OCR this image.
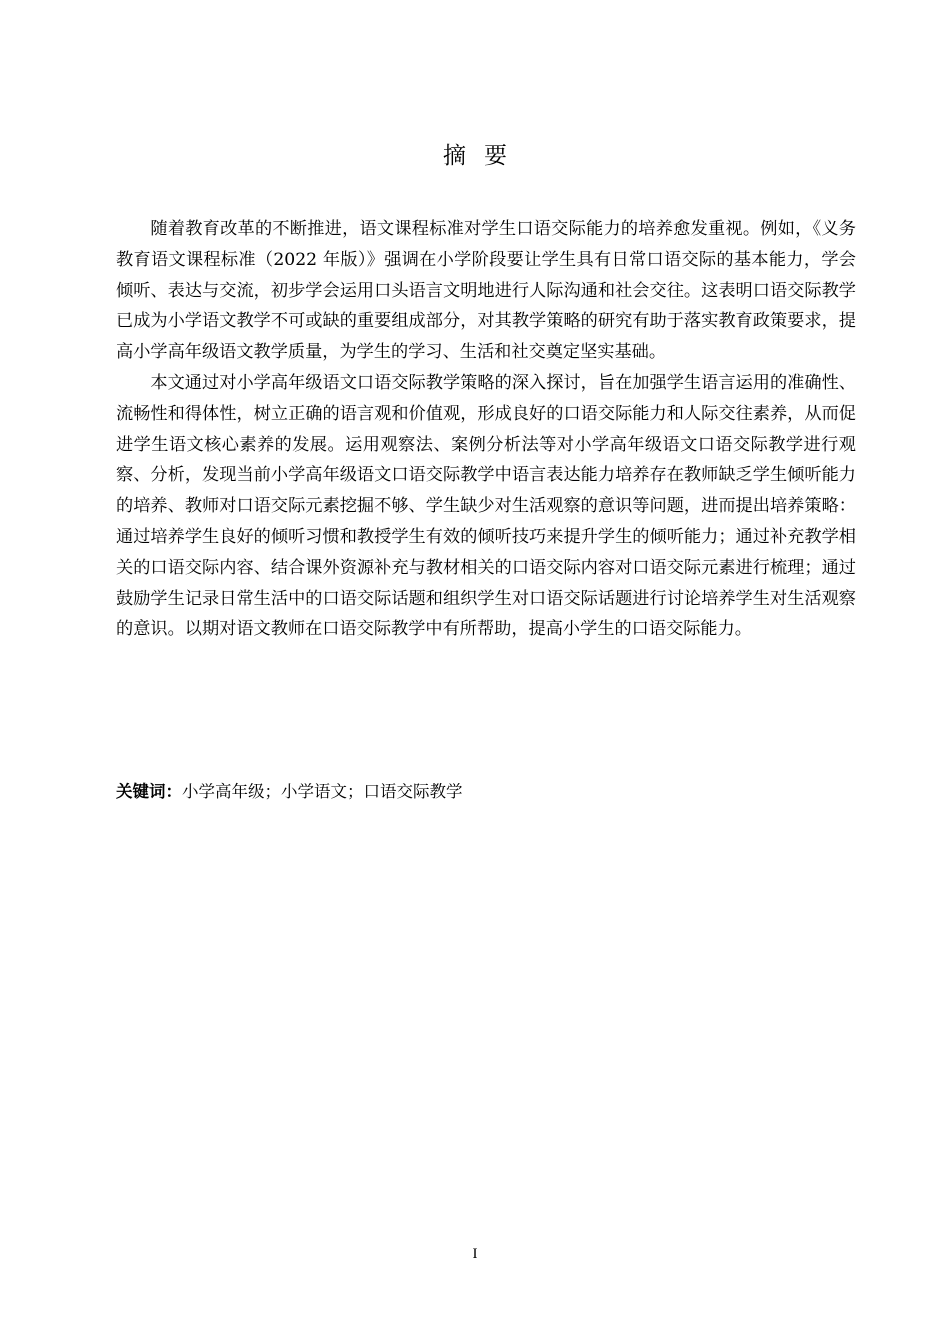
摘要

随着教育改革的不断推进，语文课程标准对学生口语交际能力的培养愈发重视。例如，《义务教育语文课程标准（2022 年版）》强调在小学阶段要让学生具有日常口语交际的基本能力，学会倾听、表达与交流，初步学会运用口头语言文明地进行人际沟通和社会交往。这表明口语交际教学已成为小学语文教学不可或缺的重要组成部分，对其教学策略的研究有助于落实教育政策要求，提高小学高年级语文教学质量，为学生的学习、生活和社交奠定坚实基础。

本文通过对小学高年级语文口语交际教学策略的深入探讨，旨在加强学生语言运用的准确性、流畅性和得体性，树立正确的语言观和价值观，形成良好的口语交际能力和人际交往素养，从而促进学生语文核心素养的发展。运用观察法、案例分析法等对小学高年级语文口语交际教学进行观察、分析，发现当前小学高年级语文口语交际教学中语言表达能力培养存在教师缺乏学生倾听能力的培养、教师对口语交际元素挖掘不够、学生缺少对生活观察的意识等问题，进而提出培养策略：通过培养学生良好的倾听习惯和教授学生有效的倾听技巧来提升学生的倾听能力；通过补充教学相关的口语交际内容、结合课外资源补充与教材相关的口语交际内容对口语交际元素进行梳理；通过鼓励学生记录日常生活中的口语交际话题和组织学生对口语交际话题进行讨论培养学生对生活观察的意识。以期对语文教师在口语交际教学中有所帮助，提高小学生的口语交际能力。

关键词：小学高年级；小学语文；口语交际教学
I
